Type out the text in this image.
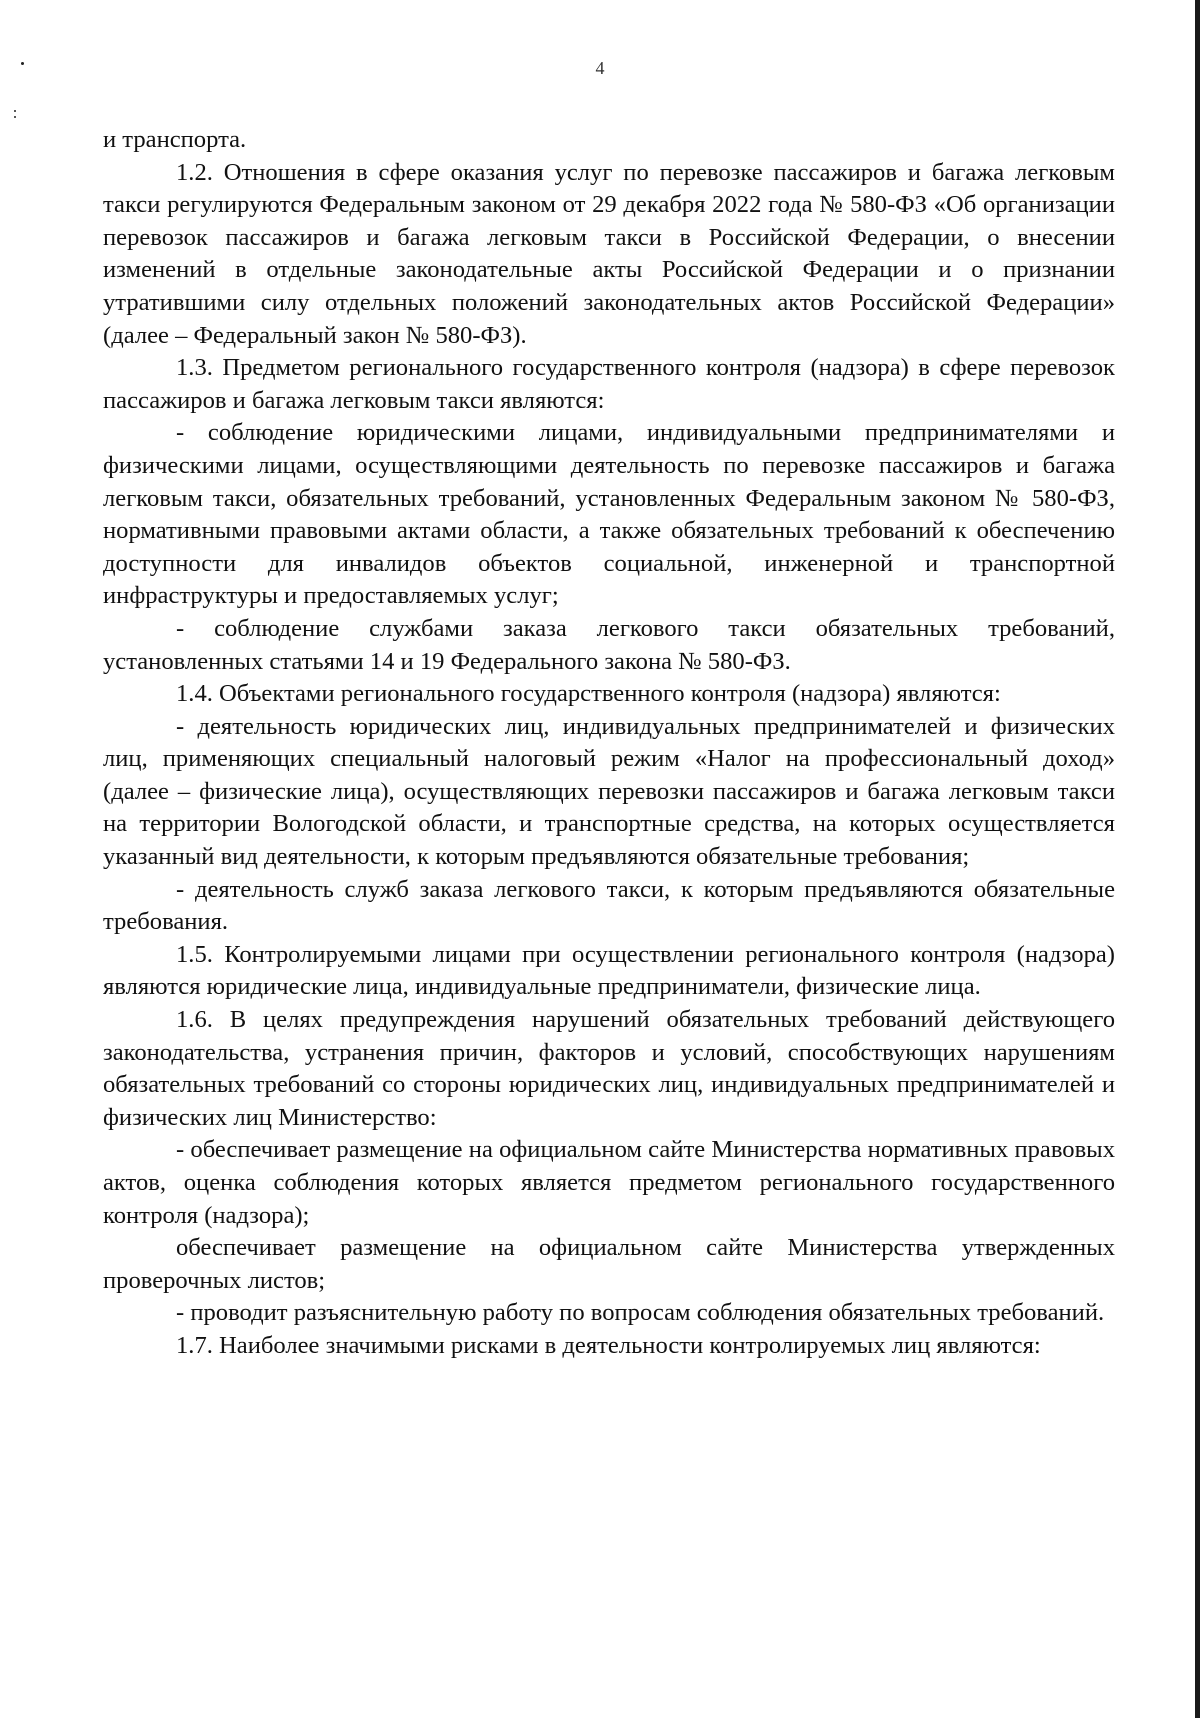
4

и транспорта.

1.2. Отношения в сфере оказания услуг по перевозке пассажиров и багажа легковым такси регулируются Федеральным законом от 29 декабря 2022 года № 580-ФЗ «Об организации перевозок пассажиров и багажа легковым такси в Российской Федерации, о внесении изменений в отдельные законодательные акты Российской Федерации и о признании утратившими силу отдельных положений законодательных актов Российской Федерации» (далее – Федеральный закон № 580-ФЗ).

1.3. Предметом регионального государственного контроля (надзора) в сфере перевозок пассажиров и багажа легковым такси являются:

- соблюдение юридическими лицами, индивидуальными предпринимателями и физическими лицами, осуществляющими деятельность по перевозке пассажиров и багажа легковым такси, обязательных требований, установленных Федеральным законом № 580-ФЗ, нормативными правовыми актами области, а также обязательных требований к обеспечению доступности для инвалидов объектов социальной, инженерной и транспортной инфраструктуры и предоставляемых услуг;

- соблюдение службами заказа легкового такси обязательных требований, установленных статьями 14 и 19 Федерального закона № 580-ФЗ.

1.4. Объектами регионального государственного контроля (надзора) являются:

- деятельность юридических лиц, индивидуальных предпринимателей и физических лиц, применяющих специальный налоговый режим «Налог на профессиональный доход» (далее – физические лица), осуществляющих перевозки пассажиров и багажа легковым такси на территории Вологодской области, и транспортные средства, на которых осуществляется указанный вид деятельности, к которым предъявляются обязательные требования;

- деятельность служб заказа легкового такси, к которым предъявляются обязательные требования.

1.5. Контролируемыми лицами при осуществлении регионального контроля (надзора) являются юридические лица, индивидуальные предприниматели, физические лица.

1.6. В целях предупреждения нарушений обязательных требований действующего законодательства, устранения причин, факторов и условий, способствующих нарушениям обязательных требований со стороны юридических лиц, индивидуальных предпринимателей и физических лиц Министерство:

- обеспечивает размещение на официальном сайте Министерства нормативных правовых актов, оценка соблюдения которых является предметом регионального государственного контроля (надзора);

обеспечивает размещение на официальном сайте Министерства утвержденных проверочных листов;

- проводит разъяснительную работу по вопросам соблюдения обязательных требований.

1.7. Наиболее значимыми рисками в деятельности контролируемых лиц являются:
